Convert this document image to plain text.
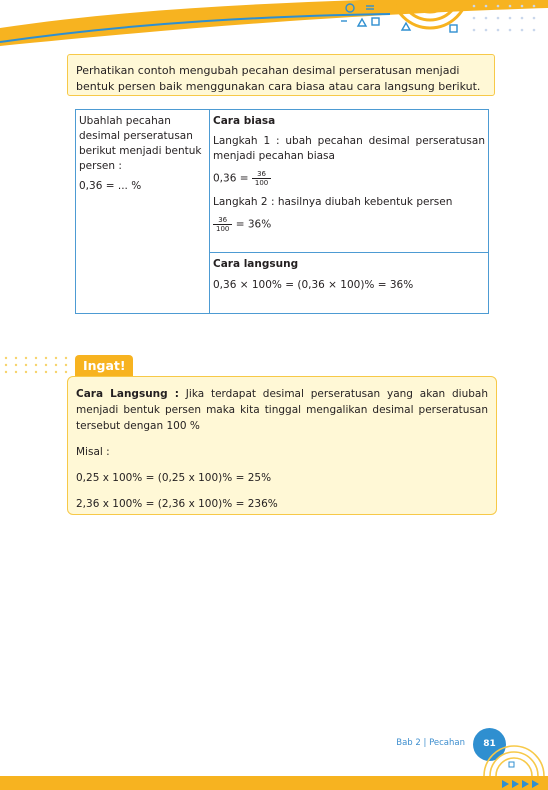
Perhatikan contoh mengubah pecahan desimal perseratusan menjadi bentuk persen baik menggunakan cara biasa atau cara langsung berikut.
Ubahlah pecahan desimal perseratusan berikut menjadi bentuk persen :
0,36 = ... %

Cara biasa
Langkah 1 : ubah pecahan desimal perseratusan menjadi pecahan biasa
$0,36 = \frac{36}{100}$
Langkah 2 : hasilnya diubah kebentuk persen
$\frac{36}{100} = 36\%$

Cara langsung
0,36 × 100% = (0,36 × 100)% = 36%
Ingat!

Cara Langsung : Jika terdapat desimal perseratusan yang akan diubah menjadi bentuk persen maka kita tinggal mengalikan desimal perseratusan tersebut dengan 100 %

Misal :

0,25 x 100% = (0,25 x 100)% = 25%

2,36 x 100% = (2,36 x 100)% = 236%

Bab 2 | Pecahan	81
